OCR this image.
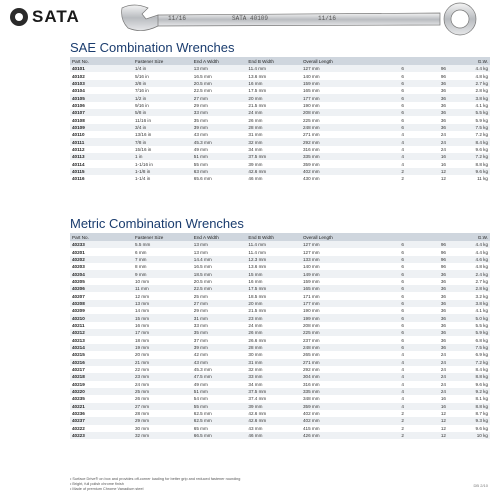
SATA	11/16	SATA 40109	11/16
SAE Combination Wrenches
Part No.	Fastener Size	End A Width	End B Width	Overall Length			G.W.
40101	1/4 in	13 mm	11.4 mm	127 mm	6	96	4.4 kg
40102	5/16 in	16.5 mm	13.6 mm	140 mm	6	96	4.8 kg
40103	3/8 in	20.5 mm	16 mm	159 mm	6	36	2.7 kg
40104	7/16 in	22.5 mm	17.5 mm	165 mm	6	36	2.8 kg
40105	1/2 in	27 mm	20 mm	177 mm	6	36	3.8 kg
40106	9/16 in	29 mm	21.5 mm	190 mm	6	36	4.1 kg
40107	5/8 in	33 mm	24 mm	208 mm	6	36	5.5 kg
40108	11/16 in	35 mm	26 mm	225 mm	6	36	5.9 kg
40109	3/4 in	39 mm	28 mm	248 mm	6	36	7.5 kg
40110	13/16 in	43 mm	31 mm	271 mm	4	24	7.2 kg
40111	7/8 in	45.3 mm	32 mm	292 mm	4	24	8.4 kg
40112	15/16 in	49 mm	34 mm	316 mm	4	24	9.6 kg
40113	1 in	51 mm	37.5 mm	335 mm	4	16	7.2 kg
40114	1-1/16 in	55 mm	39 mm	359 mm	4	16	8.8 kg
40115	1-1/8 in	63 mm	42.6 mm	402 mm	2	12	9.6 kg
40116	1-1/4 in	65.6 mm	46 mm	430 mm	2	12	11 kg
Metric Combination Wrenches
Part No.	Fastener Size	End A Width	End B Width	Overall Length			G.W.
40233	5.5 mm	13 mm	11.4 mm	127 mm	6	96	4.4 kg
40201	6 mm	13 mm	11.4 mm	127 mm	6	96	4.4 kg
40202	7 mm	14.4 mm	12.3 mm	133 mm	6	96	4.6 kg
40203	8 mm	16.5 mm	13.6 mm	140 mm	6	96	4.8 kg
40204	9 mm	18.5 mm	15 mm	149 mm	6	36	2.4 kg
40205	10 mm	20.5 mm	16 mm	159 mm	6	36	2.7 kg
40206	11 mm	22.5 mm	17.5 mm	165 mm	6	36	2.8 kg
40207	12 mm	25 mm	18.5 mm	171 mm	6	36	3.2 kg
40208	13 mm	27 mm	20 mm	177 mm	6	36	3.8 kg
40209	14 mm	29 mm	21.5 mm	190 mm	6	36	4.1 kg
40210	15 mm	31 mm	23 mm	199 mm	6	36	5.0 kg
40211	16 mm	33 mm	24 mm	208 mm	6	36	5.5 kg
40212	17 mm	35 mm	26 mm	225 mm	6	36	5.9 kg
40213	18 mm	37 mm	26.6 mm	237 mm	6	36	6.8 kg
40214	19 mm	39 mm	28 mm	248 mm	6	36	7.5 kg
40215	20 mm	42 mm	30 mm	265 mm	4	24	6.9 kg
40216	21 mm	43 mm	31 mm	271 mm	4	24	7.2 kg
40217	22 mm	45.3 mm	32 mm	292 mm	4	24	8.4 kg
40218	23 mm	47.5 mm	33 mm	304 mm	4	24	8.8 kg
40219	24 mm	49 mm	34 mm	316 mm	4	24	9.6 kg
40220	25 mm	51 mm	37.5 mm	335 mm	4	24	9.2 kg
40235	26 mm	54 mm	37.4 mm	348 mm	4	16	8.1 kg
40221	27 mm	55 mm	39 mm	359 mm	4	16	8.8 kg
40236	28 mm	62.5 mm	42.6 mm	402 mm	2	12	8.7 kg
40237	29 mm	62.5 mm	42.6 mm	402 mm	2	12	9.3 kg
40222	30 mm	65 mm	43 mm	415 mm	2	12	9.6 kg
40223	32 mm	66.5 mm	46 mm	426 mm	2	12	10 kg
• Surface Drive® on box and provides off-corner loading for better grip and reduced fastener rounding
• Bright, full polish chrome finish
• Made of premium Chrome Vanadium steel
DB 2/10
